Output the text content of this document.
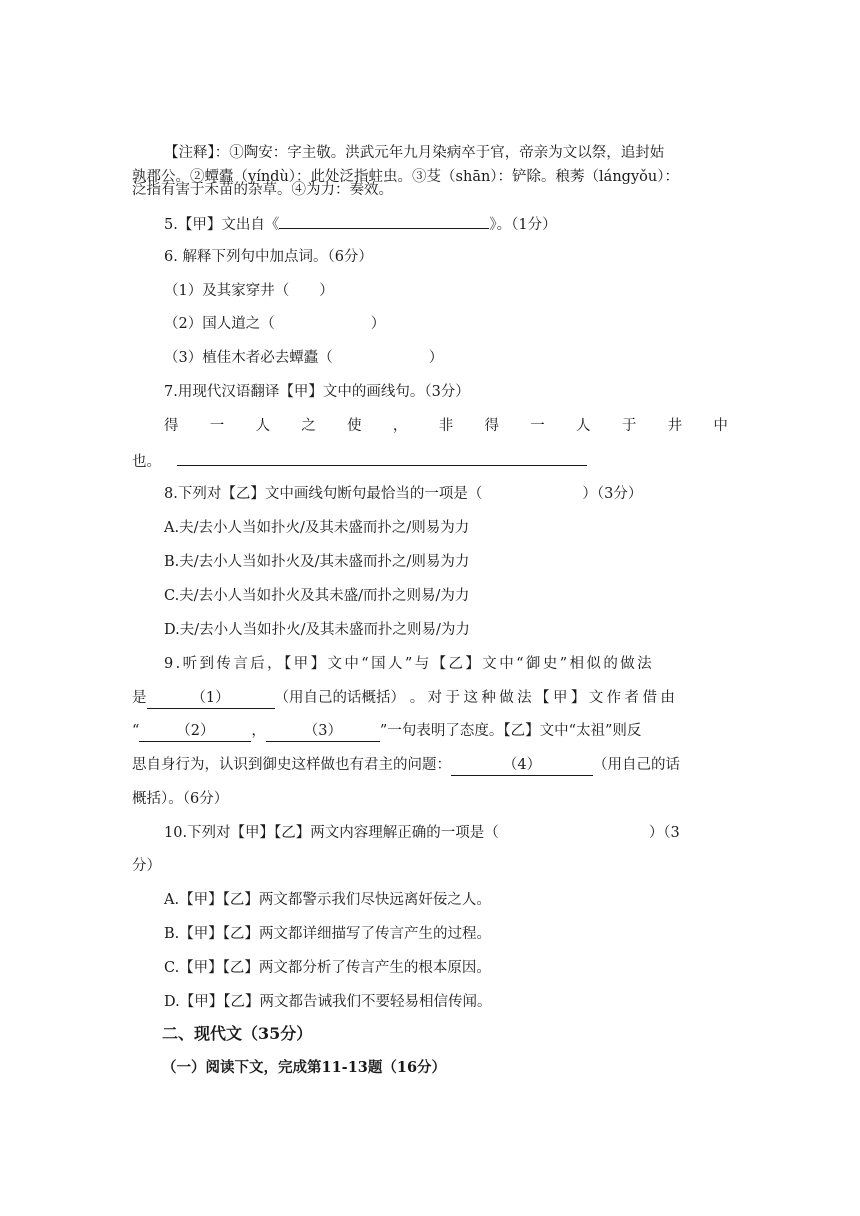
【注释】：①陶安：字主敬。洪武元年九月染病卒于官，帝亲为文以祭，追封姑
孰郡公。②蟫蠹（yíndù）：此处泛指蛀虫。③芟（shān）：铲除。稂莠（lángyǒu）：
泛指有害于禾苗的杂草。④为力：奏效。
5.【甲】文出自《	》。（1分）
6. 解释下列句中加点词。（6分）
（1）及其家穿井（ ）
（2）国人道之（	）
（3）植佳木者必去蟫蠹（	）
7.用现代汉语翻译【甲】文中的画线句。（3分）
得 一 人 之 使 ， 非 得 一 人 于 井 中
也。
8.下列对【乙】文中画线句断句最恰当的一项是（	）（3分）
A.夫/去小人当如扑火/及其未盛而扑之/则易为力
B.夫/去小人当如扑火及/其未盛而扑之/则易为力
C.夫/去小人当如扑火及其未盛/而扑之则易/为力
D.夫/去小人当如扑火/及其未盛而扑之则易/为力
9.听到传言后，【甲】文中“国人”与【乙】文中“御史”相似的做法
是	（1）	（用自己的话概括） 。对于这种做法【甲】文作者借由
“	（2）	，	（3）	”一句表明了态度。【乙】文中“太祖”则反
思自身行为，认识到御史这样做也有君主的问题：	（4）	（用自己的话
概括）。（6分）
10.下列对【甲】【乙】两文内容理解正确的一项是（	）（3
分）
A.【甲】【乙】两文都警示我们尽快远离奸佞之人。
B.【甲】【乙】两文都详细描写了传言产生的过程。
C.【甲】【乙】两文都分析了传言产生的根本原因。
D.【甲】【乙】两文都告诫我们不要轻易相信传闻。
二、现代文（35分）
（一）阅读下文，完成第11-13题（16分）
